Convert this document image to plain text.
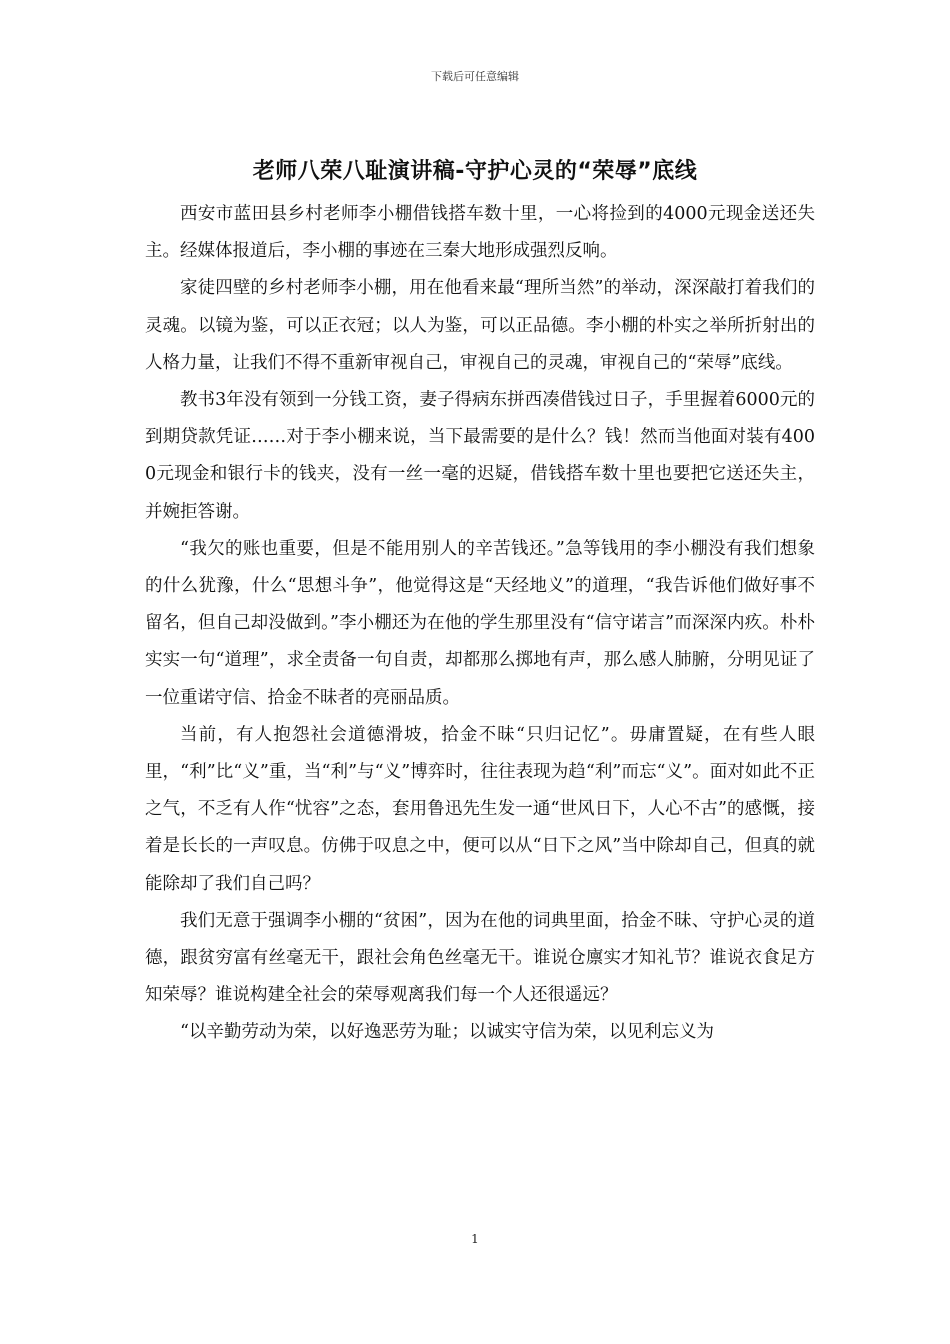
下载后可任意编辑
老师八荣八耻演讲稿-守护心灵的“荣辱”底线

西安市蓝田县乡村老师李小棚借钱搭车数十里，一心将捡到的4000元现金送还失主。经媒体报道后，李小棚的事迹在三秦大地形成强烈反响。

家徒四壁的乡村老师李小棚，用在他看来最“理所当然”的举动，深深敲打着我们的灵魂。以镜为鉴，可以正衣冠；以人为鉴，可以正品德。李小棚的朴实之举所折射出的人格力量，让我们不得不重新审视自己，审视自己的灵魂，审视自己的“荣辱”底线。

教书3年没有领到一分钱工资，妻子得病东拼西凑借钱过日子，手里握着6000元的到期贷款凭证……对于李小棚来说，当下最需要的是什么？钱！然而当他面对装有4000元现金和银行卡的钱夹，没有一丝一毫的迟疑，借钱搭车数十里也要把它送还失主，并婉拒答谢。

“我欠的账也重要，但是不能用别人的辛苦钱还。”急等钱用的李小棚没有我们想象的什么犹豫，什么“思想斗争”，他觉得这是“天经地义”的道理，“我告诉他们做好事不留名，但自己却没做到。”李小棚还为在他的学生那里没有“信守诺言”而深深内疚。朴朴实实一句“道理”，求全责备一句自责，却都那么掷地有声，那么感人肺腑，分明见证了一位重诺守信、拾金不昧者的亮丽品质。

当前，有人抱怨社会道德滑坡，拾金不昧“只归记忆”。毋庸置疑，在有些人眼里，“利”比“义”重，当“利”与“义”博弈时，往往表现为趋“利”而忘“义”。面对如此不正之气，不乏有人作“忧容”之态，套用鲁迅先生发一通“世风日下，人心不古”的感慨，接着是长长的一声叹息。仿佛于叹息之中，便可以从“日下之风”当中除却自己，但真的就能除却了我们自己吗？

我们无意于强调李小棚的“贫困”，因为在他的词典里面，拾金不昧、守护心灵的道德，跟贫穷富有丝毫无干，跟社会角色丝毫无干。谁说仓廪实才知礼节？谁说衣食足方知荣辱？谁说构建全社会的荣辱观离我们每一个人还很遥远？

“以辛勤劳动为荣，以好逸恶劳为耻；以诚实守信为荣，以见利忘义为

1
